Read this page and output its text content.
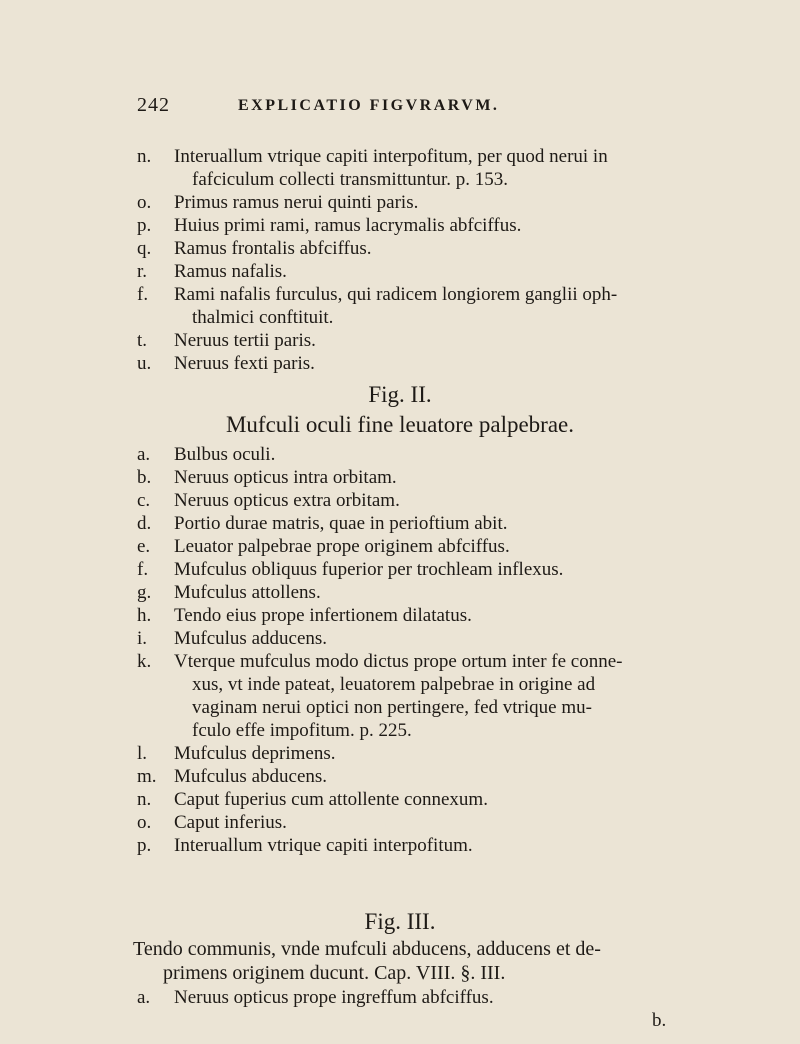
242	EXPLICATIO FIGVRARVM.
n.	Interuallum vtrique capiti interpofitum, per quod nerui in
fafciculum collecti transmittuntur. p. 153.
o.	Primus ramus nerui quinti paris.
p.	Huius primi rami, ramus lacrymalis abfciffus.
q.	Ramus frontalis abfciffus.
r.	Ramus nafalis.
f.	Rami nafalis furculus, qui radicem longiorem ganglii oph-
thalmici conftituit.
t.	Neruus tertii paris.
u.	Neruus fexti paris.
Fig. II.
Mufculi oculi fine leuatore palpebrae.
a.	Bulbus oculi.
b.	Neruus opticus intra orbitam.
c.	Neruus opticus extra orbitam.
d.	Portio durae matris, quae in perioftium abit.
e.	Leuator palpebrae prope originem abfciffus.
f.	Mufculus obliquus fuperior per trochleam inflexus.
g.	Mufculus attollens.
h.	Tendo eius prope infertionem dilatatus.
i.	Mufculus adducens.
k.	Vterque mufculus modo dictus prope ortum inter fe conne-
xus, vt inde pateat, leuatorem palpebrae in origine ad
vaginam nerui optici non pertingere, fed vtrique mu-
fculo effe impofitum. p. 225.
l.	Mufculus deprimens.
m. Mufculus abducens.
n.	Caput fuperius cum attollente connexum.
o.	Caput inferius.
p.	Interuallum vtrique capiti interpofitum.
Fig. III.
Tendo communis, vnde mufculi abducens, adducens et de-
primens originem ducunt. Cap. VIII. §. III.
a.	Neruus opticus prope ingreffum abfciffus.
b.
